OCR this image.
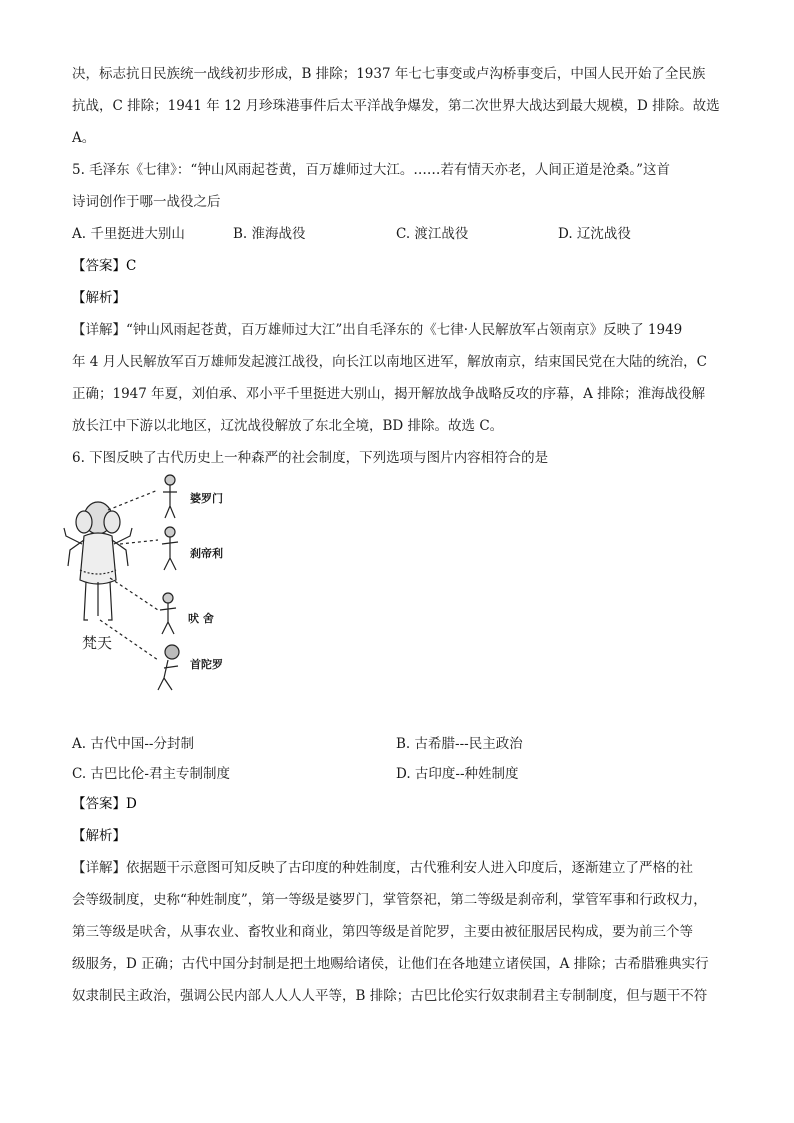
决，标志抗日民族统一战线初步形成，B 排除；1937 年七七事变或卢沟桥事变后，中国人民开始了全民族
抗战，C 排除；1941 年 12 月珍珠港事件后太平洋战争爆发，第二次世界大战达到最大规模，D 排除。故选
A。
5. 毛泽东《七律》：“钟山风雨起苍黄，百万雄师过大江。……若有情天亦老，人间正道是沧桑。”这首
诗词创作于哪一战役之后
A. 千里挺进大别山	B. 淮海战役	C. 渡江战役	D. 辽沈战役
【答案】C
【解析】
【详解】“钟山风雨起苍黄，百万雄师过大江”出自毛泽东的《七律·人民解放军占领南京》反映了 1949
年 4 月人民解放军百万雄师发起渡江战役，向长江以南地区进军，解放南京，结束国民党在大陆的统治，C
正确；1947 年夏，刘伯承、邓小平千里挺进大别山，揭开解放战争战略反攻的序幕，A 排除；淮海战役解
放长江中下游以北地区，辽沈战役解放了东北全境，BD 排除。故选 C。
6. 下图反映了古代历史上一种森严的社会制度，下列选项与图片内容相符合的是
婆罗门
刹帝利
吠 舍
首陀罗
梵天
A. 古代中国--分封制	B. 古希腊---民主政治
C. 古巴比伦-君主专制制度	D. 古印度--种姓制度
【答案】D
【解析】
【详解】依据题干示意图可知反映了古印度的种姓制度，古代雅利安人进入印度后，逐渐建立了严格的社
会等级制度，史称“种姓制度”，第一等级是婆罗门，掌管祭祀，第二等级是刹帝利，掌管军事和行政权力，
第三等级是吠舍，从事农业、畜牧业和商业，第四等级是首陀罗，主要由被征服居民构成，要为前三个等
级服务，D 正确；古代中国分封制是把土地赐给诸侯，让他们在各地建立诸侯国，A 排除；古希腊雅典实行
奴隶制民主政治，强调公民内部人人人人平等，B 排除；古巴比伦实行奴隶制君主专制制度，但与题干不符
